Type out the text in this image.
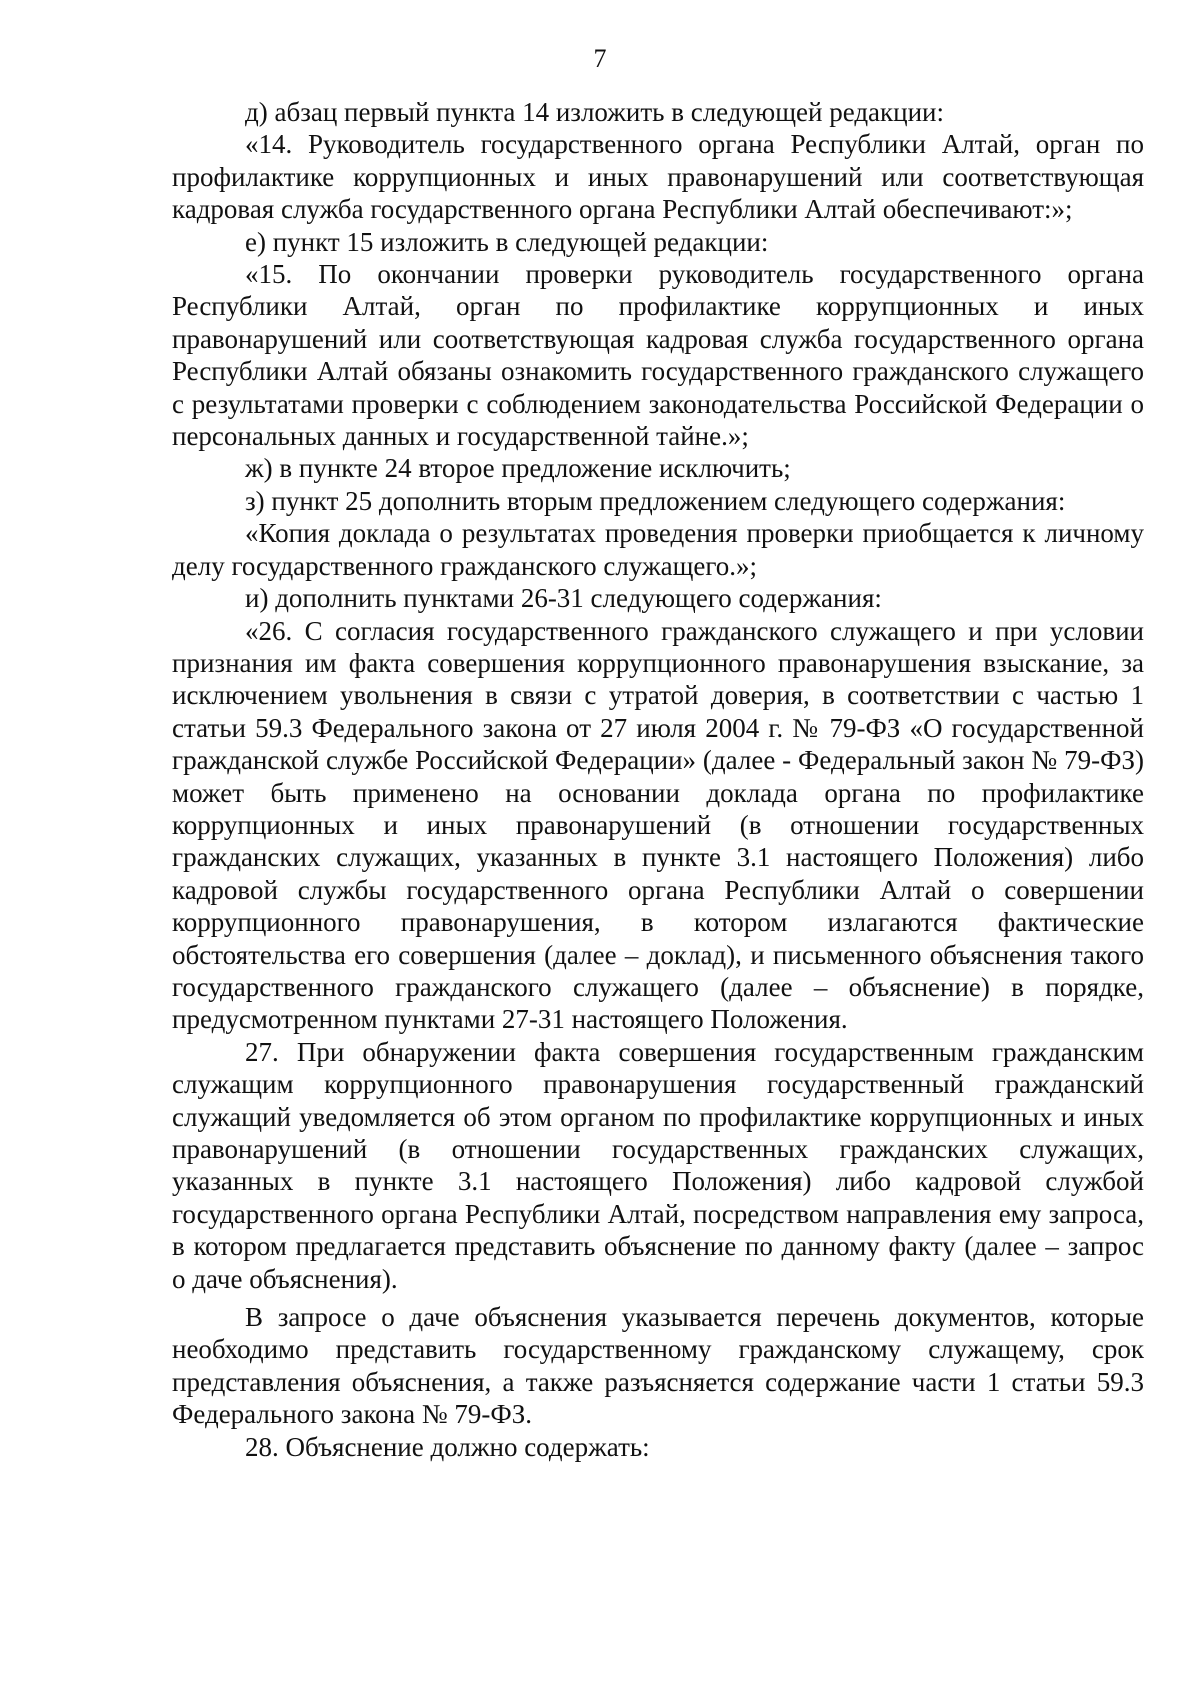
7

д) абзац первый пункта 14 изложить в следующей редакции:

«14. Руководитель государственного органа Республики Алтай, орган по профилактике коррупционных и иных правонарушений или соответствующая кадровая служба государственного органа Республики Алтай обеспечивают:»;

е) пункт 15 изложить в следующей редакции:

«15. По окончании проверки руководитель государственного органа Республики Алтай, орган по профилактике коррупционных и иных правонарушений или соответствующая кадровая служба государственного органа Республики Алтай обязаны ознакомить государственного гражданского служащего с результатами проверки с соблюдением законодательства Российской Федерации о персональных данных и государственной тайне.»;

ж) в пункте 24 второе предложение исключить;

з) пункт 25 дополнить вторым предложением следующего содержания:

«Копия доклада о результатах проведения проверки приобщается к личному делу государственного гражданского служащего.»;

и) дополнить пунктами 26-31 следующего содержания:

«26. С согласия государственного гражданского служащего и при условии признания им факта совершения коррупционного правонарушения взыскание, за исключением увольнения в связи с утратой доверия, в соответствии с частью 1 статьи 59.3 Федерального закона от 27 июля 2004 г. № 79-ФЗ «О государственной гражданской службе Российской Федерации» (далее - Федеральный закон № 79-ФЗ) может быть применено на основании доклада органа по профилактике коррупционных и иных правонарушений (в отношении государственных гражданских служащих, указанных в пункте 3.1 настоящего Положения) либо кадровой службы государственного органа Республики Алтай о совершении коррупционного правонарушения, в котором излагаются фактические обстоятельства его совершения (далее – доклад), и письменного объяснения такого государственного гражданского служащего (далее – объяснение) в порядке, предусмотренном пунктами 27-31 настоящего Положения.

27. При обнаружении факта совершения государственным гражданским служащим коррупционного правонарушения государственный гражданский служащий уведомляется об этом органом по профилактике коррупционных и иных правонарушений (в отношении государственных гражданских служащих, указанных в пункте 3.1 настоящего Положения) либо кадровой службой государственного органа Республики Алтай, посредством направления ему запроса, в котором предлагается представить объяснение по данному факту (далее – запрос о даче объяснения).

В запросе о даче объяснения указывается перечень документов, которые необходимо представить государственному гражданскому служащему, срок представления объяснения, а также разъясняется содержание части 1 статьи 59.3 Федерального закона № 79-ФЗ.

28. Объяснение должно содержать:
